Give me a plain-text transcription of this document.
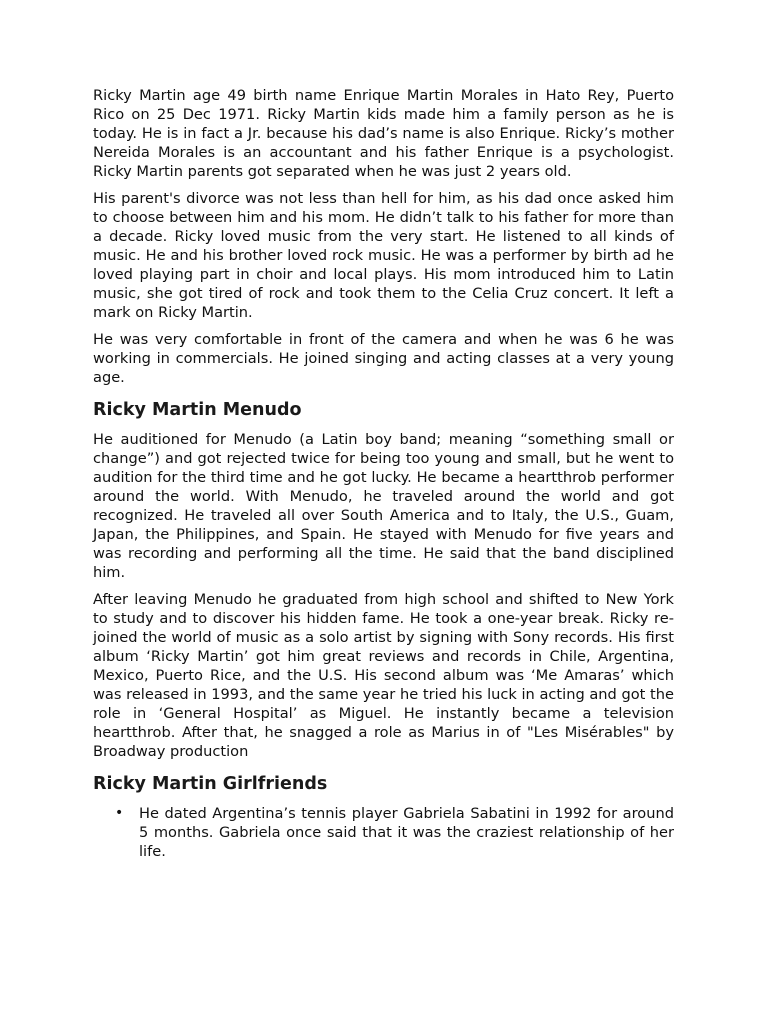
Ricky Martin age 49 birth name Enrique Martin Morales in Hato Rey, Puerto Rico on 25 Dec 1971. Ricky Martin kids made him a family person as he is today. He is in fact a Jr. because his dad’s name is also Enrique. Ricky’s mother Nereida Morales is an accountant and his father Enrique is a psychologist. Ricky Martin parents got separated when he was just 2 years old.

His parent's divorce was not less than hell for him, as his dad once asked him to choose between him and his mom. He didn’t talk to his father for more than a decade. Ricky loved music from the very start. He listened to all kinds of music. He and his brother loved rock music. He was a performer by birth ad he loved playing part in choir and local plays. His mom introduced him to Latin music, she got tired of rock and took them to the Celia Cruz concert. It left a mark on Ricky Martin.

He was very comfortable in front of the camera and when he was 6 he was working in commercials. He joined singing and acting classes at a very young age.

Ricky Martin Menudo

He auditioned for Menudo (a Latin boy band; meaning “something small or change”) and got rejected twice for being too young and small, but he went to audition for the third time and he got lucky. He became a heartthrob performer around the world. With Menudo, he traveled around the world and got recognized. He traveled all over South America and to Italy, the U.S., Guam, Japan, the Philippines, and Spain. He stayed with Menudo for five years and was recording and performing all the time. He said that the band disciplined him.

After leaving Menudo he graduated from high school and shifted to New York to study and to discover his hidden fame. He took a one-year break. Ricky re-joined the world of music as a solo artist by signing with Sony records. His first album ‘Ricky Martin’ got him great reviews and records in Chile, Argentina, Mexico, Puerto Rice, and the U.S. His second album was ‘Me Amaras’ which was released in 1993, and the same year he tried his luck in acting and got the role in ‘General Hospital’ as Miguel. He instantly became a television heartthrob. After that, he snagged a role as Marius in of "Les Misérables" by Broadway production

Ricky Martin Girlfriends
• He dated Argentina’s tennis player Gabriela Sabatini in 1992 for around 5 months. Gabriela once said that it was the craziest relationship of her life.
